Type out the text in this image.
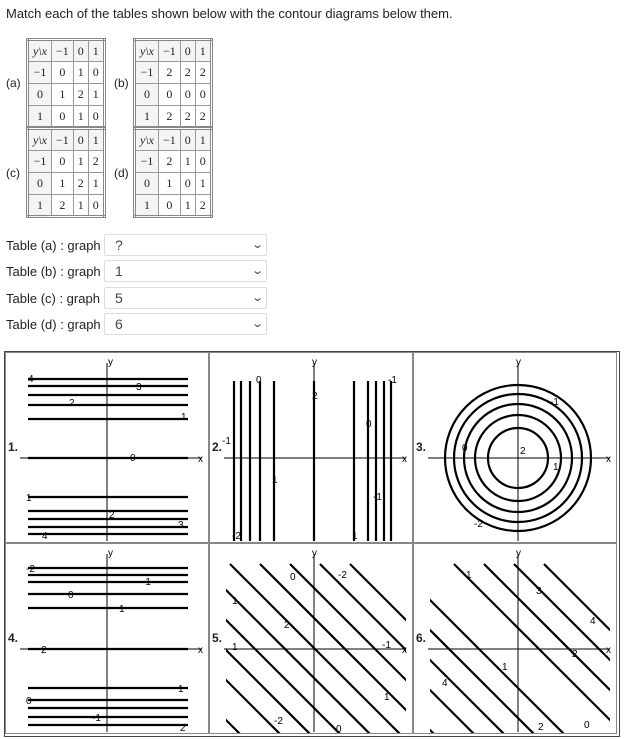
Match each of the tables shown below with the contour diagrams below them.
(a)
y\x	−1	0	1
−1	0	1	0
0	1	2	1
1	0	1	0
(b)
y\x	−1	0	1
−1	2	2	2
0	0	0	0
1	2	2	2
(c)
y\x	−1	0	1
−1	0	1	2
0	1	2	1
1	2	1	0
(d)
y\x	−1	0	1
−1	2	1	0
0	1	0	1
1	0	1	2
Table (a) : graph ?	⌄
Table (b) : graph 1	⌄
Table (c) : graph 5	⌄
Table (d) : graph 6	⌄
1.
y
x
4
2
3
1
0
1
2
3
4
2.
y
x
0
-1
2
1
0
-1
-2	1
-1
3.
y
x
0
-1
2
1
-2
4.
y
x
-2
0
-1
1
2
1
0
-1
2
5.
y
x
0	-2
1
1
2
-1
1
-2
0
6.
y
x
1
3
4
2
1
4
2	0
